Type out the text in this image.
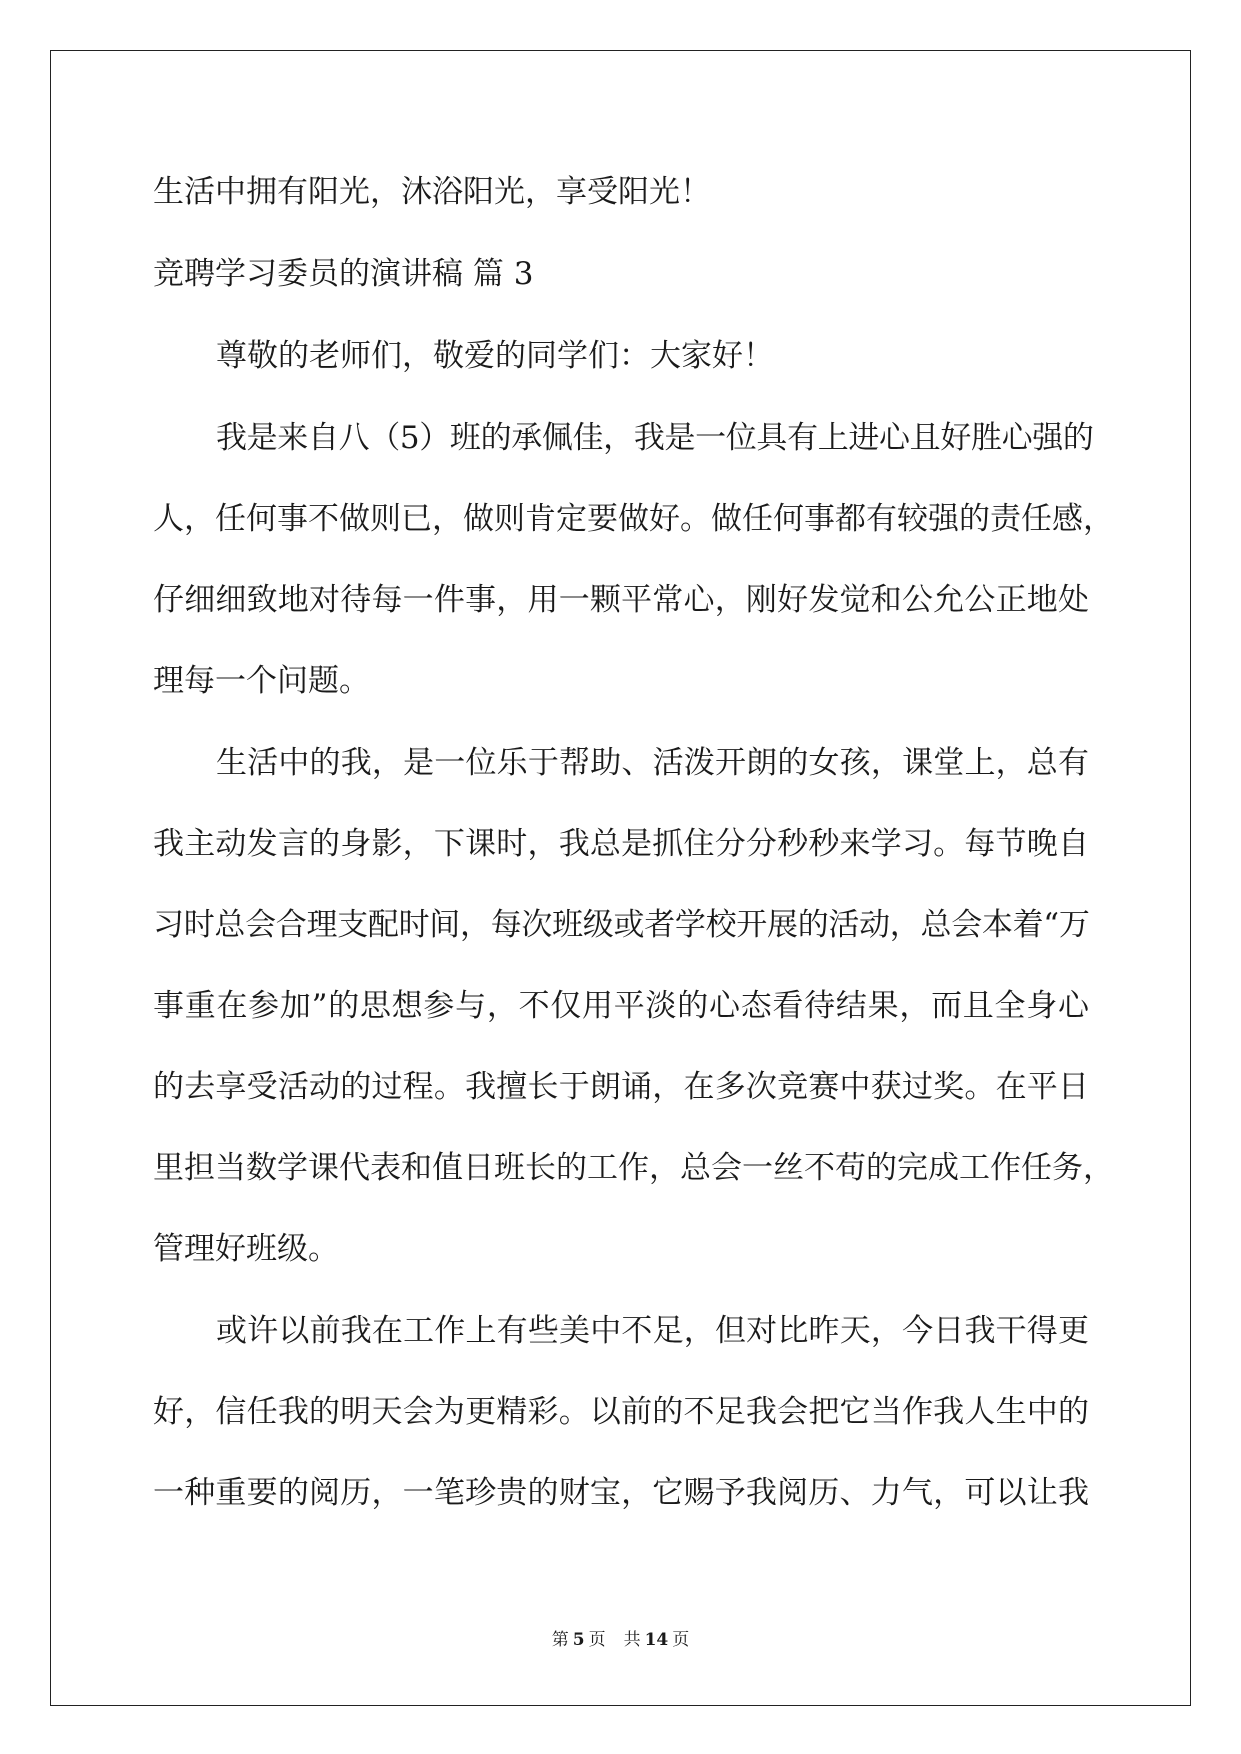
生活中拥有阳光，沐浴阳光，享受阳光！
竞聘学习委员的演讲稿 篇 3
尊敬的老师们，敬爱的同学们：大家好！
我是来自八（5）班的承佩佳，我是一位具有上进心且好胜心强的
人，任何事不做则已，做则肯定要做好。做任何事都有较强的责任感，
仔细细致地对待每一件事，用一颗平常心，刚好发觉和公允公正地处
理每一个问题。
生活中的我，是一位乐于帮助、活泼开朗的女孩，课堂上，总有
我主动发言的身影，下课时，我总是抓住分分秒秒来学习。每节晚自
习时总会合理支配时间，每次班级或者学校开展的活动，总会本着“万
事重在参加”的思想参与，不仅用平淡的心态看待结果，而且全身心
的去享受活动的过程。我擅长于朗诵，在多次竞赛中获过奖。在平日
里担当数学课代表和值日班长的工作，总会一丝不苟的完成工作任务，
管理好班级。
或许以前我在工作上有些美中不足，但对比昨天，今日我干得更
好，信任我的明天会为更精彩。以前的不足我会把它当作我人生中的
一种重要的阅历，一笔珍贵的财宝，它赐予我阅历、力气，可以让我
第 5 页 共 14 页
